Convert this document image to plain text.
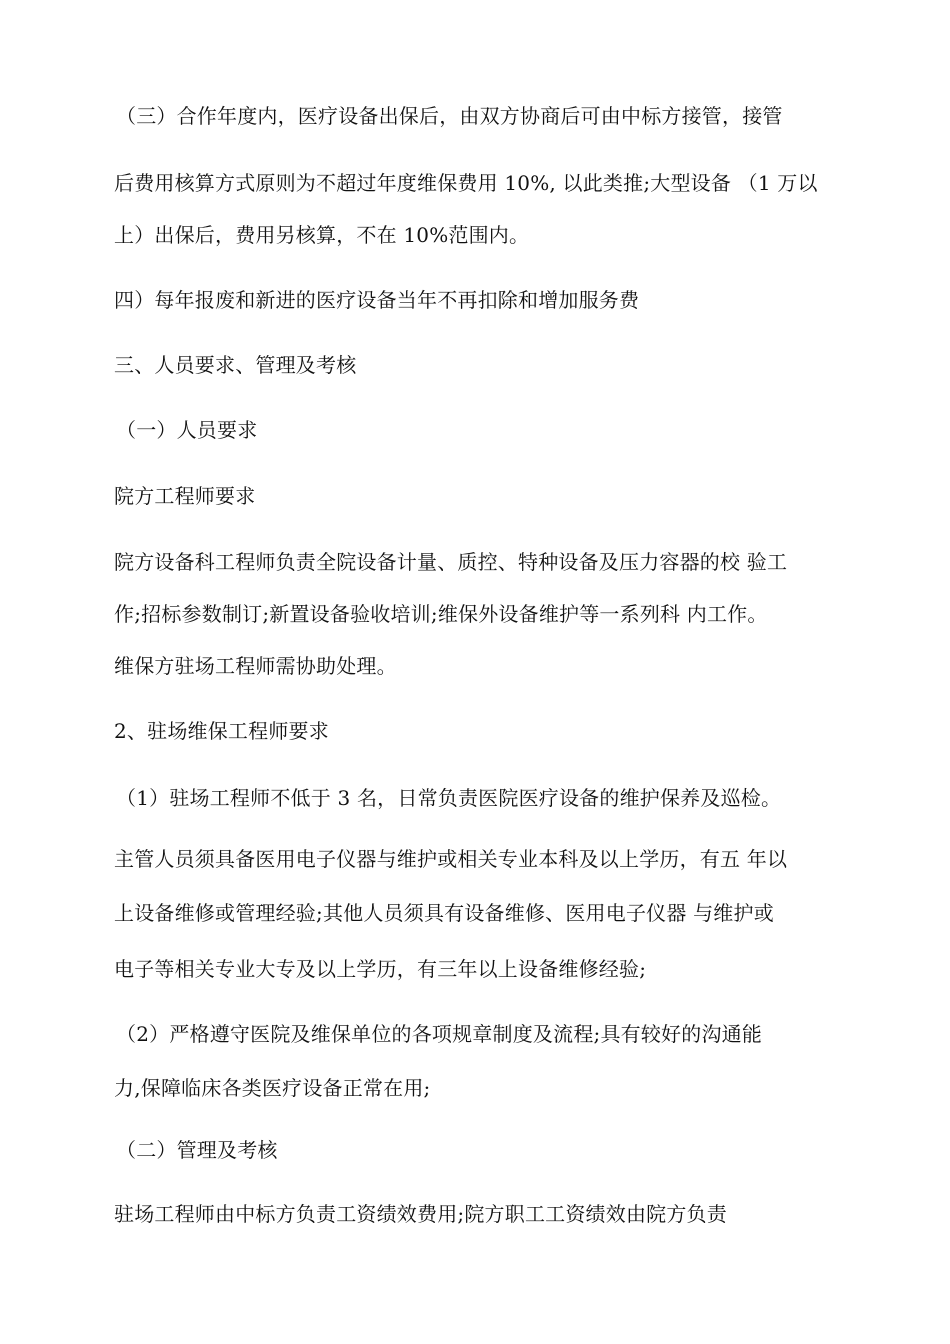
（三）合作年度内，医疗设备出保后，由双方协商后可由中标方接管，接管
后费用核算方式原则为不超过年度维保费用 10%, 以此类推;大型设备 （1 万以
上）出保后，费用另核算，不在 10%范围内。
四）每年报废和新进的医疗设备当年不再扣除和增加服务费
三、人员要求、管理及考核
（一）人员要求
院方工程师要求
院方设备科工程师负责全院设备计量、质控、特种设备及压力容器的校 验工
作;招标参数制订;新置设备验收培训;维保外设备维护等一系列科 内工作。
维保方驻场工程师需协助处理。
2、驻场维保工程师要求
（1）驻场工程师不低于 3 名，日常负责医院医疗设备的维护保养及巡检。
主管人员须具备医用电子仪器与维护或相关专业本科及以上学历，有五 年以
上设备维修或管理经验;其他人员须具有设备维修、医用电子仪器 与维护或
电子等相关专业大专及以上学历，有三年以上设备维修经验;
（2）严格遵守医院及维保单位的各项规章制度及流程;具有较好的沟通能
力,保障临床各类医疗设备正常在用;
（二）管理及考核
驻场工程师由中标方负责工资绩效费用;院方职工工资绩效由院方负责
